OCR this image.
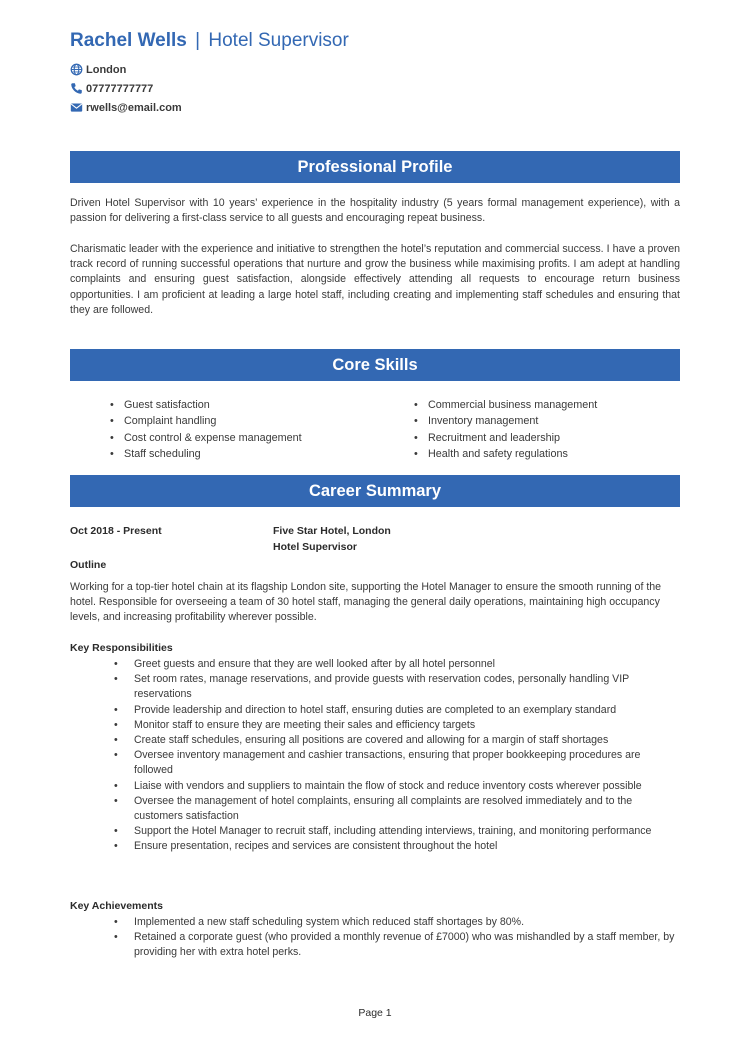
Rachel Wells | Hotel Supervisor
London
07777777777
rwells@email.com
Professional Profile

Driven Hotel Supervisor with 10 years’ experience in the hospitality industry (5 years formal management experience), with a passion for delivering a first-class service to all guests and encouraging repeat business.

Charismatic leader with the experience and initiative to strengthen the hotel’s reputation and commercial success. I have a proven track record of running successful operations that nurture and grow the business while maximising profits. I am adept at handling complaints and ensuring guest satisfaction, alongside effectively attending all requests to encourage return business opportunities. I am proficient at leading a large hotel staff, including creating and implementing staff schedules and ensuring that they are followed.

Core Skills
• Guest satisfaction
• Complaint handling
• Cost control & expense management
• Staff scheduling
• Commercial business management
• Inventory management
• Recruitment and leadership
• Health and safety regulations
Career Summary
Oct 2018 - Present	Five Star Hotel, London
Hotel Supervisor
Outline

Working for a top-tier hotel chain at its flagship London site, supporting the Hotel Manager to ensure the smooth running of the hotel. Responsible for overseeing a team of 30 hotel staff, managing the general daily operations, maintaining high occupancy levels, and increasing profitability wherever possible.

Key Responsibilities
• Greet guests and ensure that they are well looked after by all hotel personnel
• Set room rates, manage reservations, and provide guests with reservation codes, personally handling VIP reservations
• Provide leadership and direction to hotel staff, ensuring duties are completed to an exemplary standard
• Monitor staff to ensure they are meeting their sales and efficiency targets
• Create staff schedules, ensuring all positions are covered and allowing for a margin of staff shortages
• Oversee inventory management and cashier transactions, ensuring that proper bookkeeping procedures are followed
• Liaise with vendors and suppliers to maintain the flow of stock and reduce inventory costs wherever possible
• Oversee the management of hotel complaints, ensuring all complaints are resolved immediately and to the customers satisfaction
• Support the Hotel Manager to recruit staff, including attending interviews, training, and monitoring performance
• Ensure presentation, recipes and services are consistent throughout the hotel
Key Achievements
• Implemented a new staff scheduling system which reduced staff shortages by 80%.
• Retained a corporate guest (who provided a monthly revenue of £7000) who was mishandled by a staff member, by providing her with extra hotel perks.
Page 1
